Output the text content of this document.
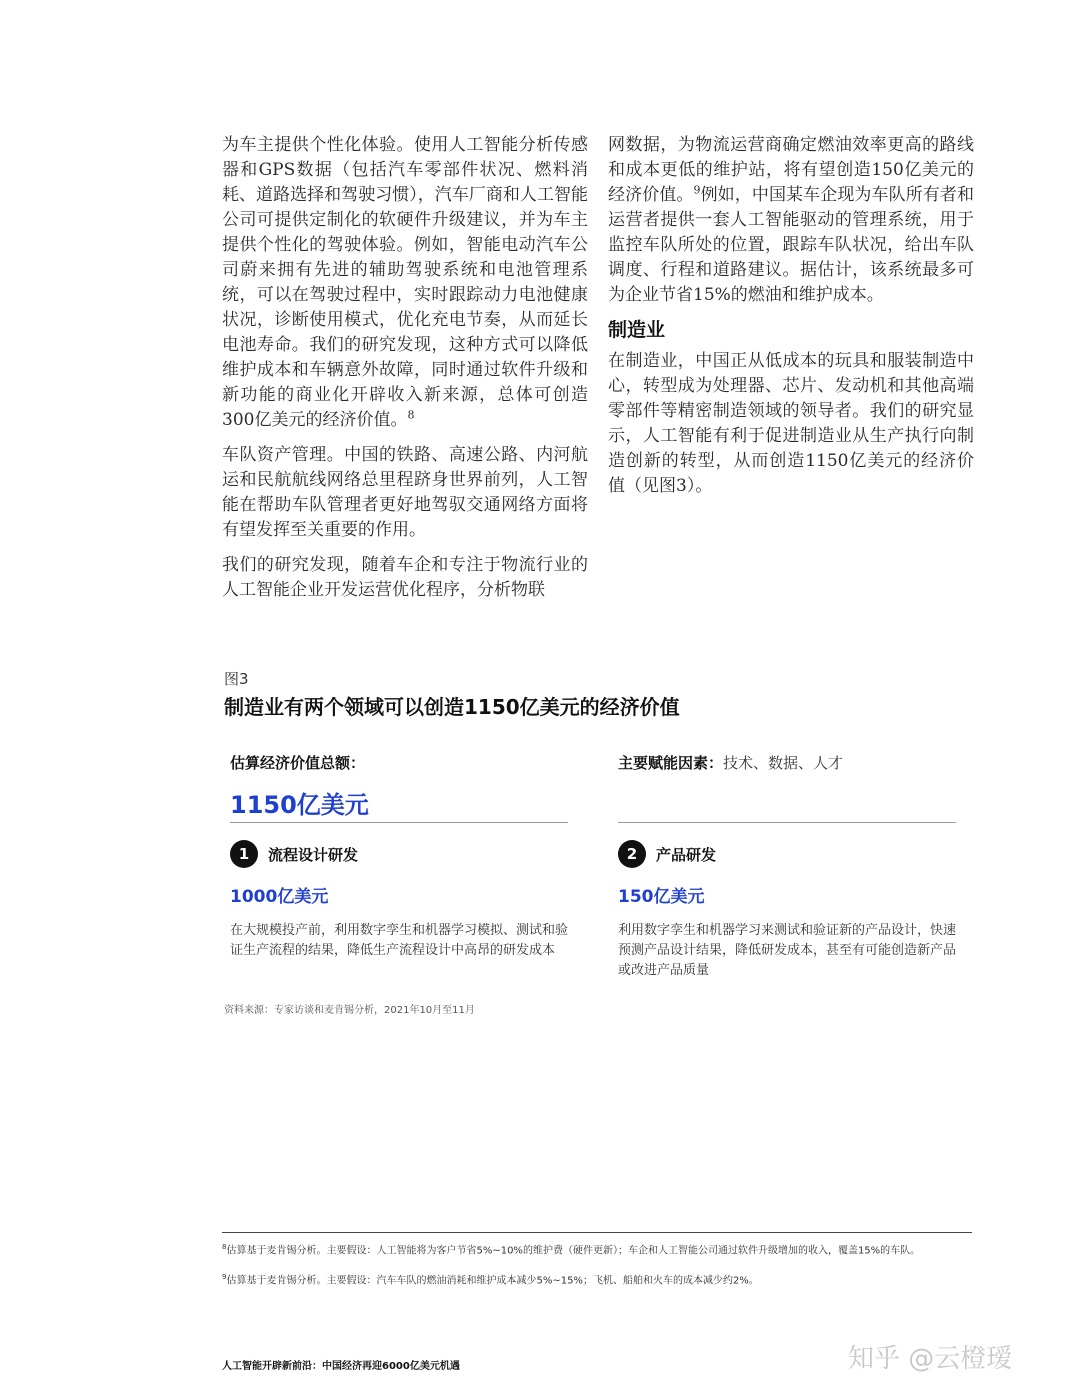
为车主提供个性化体验。使用人工智能分析传感器和GPS数据（包括汽车零部件状况、燃料消耗、道路选择和驾驶习惯），汽车厂商和人工智能公司可提供定制化的软硬件升级建议，并为车主提供个性化的驾驶体验。例如，智能电动汽车公司蔚来拥有先进的辅助驾驶系统和电池管理系统，可以在驾驶过程中，实时跟踪动力电池健康状况，诊断使用模式，优化充电节奏，从而延长电池寿命。我们的研究发现，这种方式可以降低维护成本和车辆意外故障，同时通过软件升级和新功能的商业化开辟收入新来源，总体可创造300亿美元的经济价值。$^8$

车队资产管理。中国的铁路、高速公路、内河航运和民航航线网络总里程跻身世界前列，人工智能在帮助车队管理者更好地驾驭交通网络方面将有望发挥至关重要的作用。

我们的研究发现，随着车企和专注于物流行业的人工智能企业开发运营优化程序，分析物联

网数据，为物流运营商确定燃油效率更高的路线和成本更低的维护站，将有望创造150亿美元的经济价值。$^9$例如，中国某车企现为车队所有者和运营者提供一套人工智能驱动的管理系统，用于监控车队所处的位置，跟踪车队状况，给出车队调度、行程和道路建议。据估计，该系统最多可为企业节省15%的燃油和维护成本。

制造业

在制造业，中国正从低成本的玩具和服装制造中心，转型成为处理器、芯片、发动机和其他高端零部件等精密制造领域的领导者。我们的研究显示，人工智能有利于促进制造业从生产执行向制造创新的转型，从而创造1150亿美元的经济价值（见图3）。

图3
制造业有两个领域可以创造1150亿美元的经济价值
估算经济价值总额：
1150亿美元
主要赋能因素：技术、数据、人才
1	流程设计研发
1000亿美元
在大规模投产前，利用数字孪生和机器学习模拟、测试和验证生产流程的结果，降低生产流程设计中高昂的研发成本
2	产品研发
150亿美元
利用数字孪生和机器学习来测试和验证新的产品设计，快速预测产品设计结果，降低研发成本，甚至有可能创造新产品或改进产品质量
资料来源：专家访谈和麦肯锡分析，2021年10月至11月
$^8$估算基于麦肯锡分析。主要假设：人工智能将为客户节省5%~10%的维护费（硬件更新）；车企和人工智能公司通过软件升级增加的收入，覆盖15%的车队。
$^9$估算基于麦肯锡分析。主要假设：汽车车队的燃油消耗和维护成本减少5%~15%；飞机、船舶和火车的成本减少约2%。
人工智能开辟新前沿：中国经济再迎6000亿美元机遇	知乎 @云橙瑷
